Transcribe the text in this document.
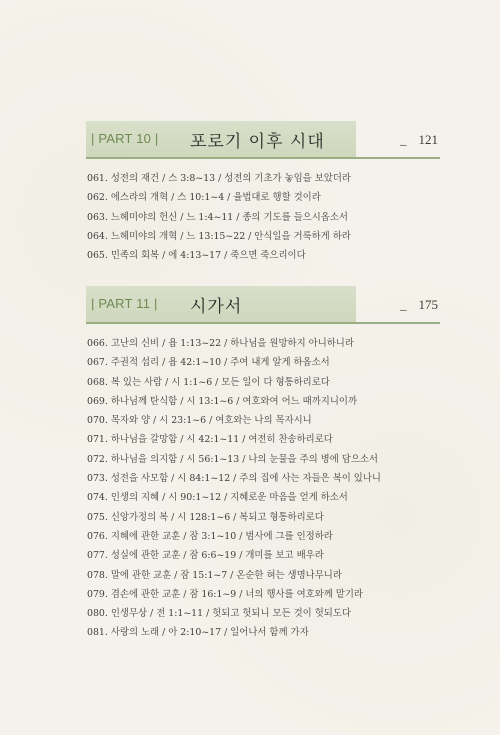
| PART 10 | 포로기 이후 시대	_ 121
061. 성전의 재건 / 스 3:8~13 / 성전의 기초가 놓임을 보았더라
062. 에스라의 개혁 / 스 10:1~4 / 율법대로 행할 것이라
063. 느헤미야의 헌신 / 느 1:4~11 / 종의 기도를 들으시옵소서
064. 느헤미야의 개혁 / 느 13:15~22 / 안식일을 거룩하게 하라
065. 민족의 회복 / 에 4:13~17 / 죽으면 죽으리이다
| PART 11 | 시가서	_ 175
066. 고난의 신비 / 욥 1:13~22 / 하나님을 원망하지 아니하니라
067. 주권적 섭리 / 욥 42:1~10 / 주여 내게 알게 하옵소서
068. 복 있는 사람 / 시 1:1~6 / 모든 일이 다 형통하리로다
069. 하나님께 탄식함 / 시 13:1~6 / 여호와여 어느 때까지니이까
070. 목자와 양 / 시 23:1~6 / 여호와는 나의 목자시니
071. 하나님을 갈망함 / 시 42:1~11 / 여전히 찬송하리로다
072. 하나님을 의지함 / 시 56:1~13 / 나의 눈물을 주의 병에 담으소서
073. 성전을 사모함 / 시 84:1~12 / 주의 집에 사는 자들은 복이 있나니
074. 인생의 지혜 / 시 90:1~12 / 지혜로운 마음을 얻게 하소서
075. 신앙가정의 복 / 시 128:1~6 / 복되고 형통하리로다
076. 지혜에 관한 교훈 / 잠 3:1~10 / 범사에 그를 인정하라
077. 성실에 관한 교훈 / 잠 6:6~19 / 개미를 보고 배우라
078. 말에 관한 교훈 / 잠 15:1~7 / 온순한 혀는 생명나무니라
079. 겸손에 관한 교훈 / 잠 16:1~9 / 너의 행사를 여호와께 맡기라
080. 인생무상 / 전 1:1~11 / 헛되고 헛되니 모든 것이 헛되도다
081. 사랑의 노래 / 아 2:10~17 / 일어나서 함께 가자
